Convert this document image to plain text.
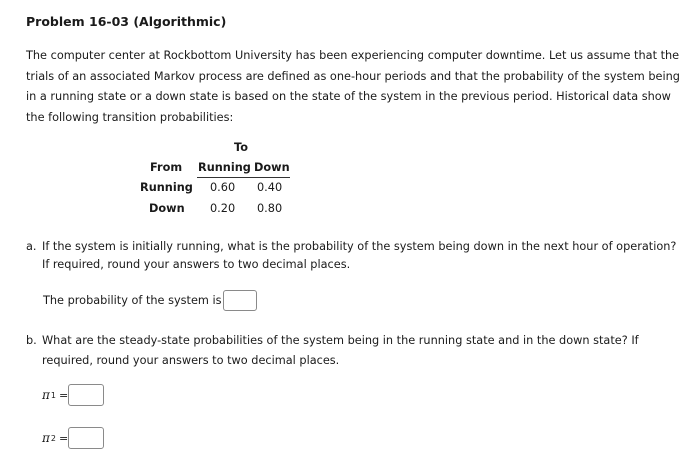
Problem 16-03 (Algorithmic)
The computer center at Rockbottom University has been experiencing computer downtime. Let us assume that the
trials of an associated Markov process are defined as one-hour periods and that the probability of the system being
in a running state or a down state is based on the state of the system in the previous period. Historical data show
the following transition probabilities:
To
From Running Down
Running 0.60 0.40
Down 0.20 0.80
a. If the system is initially running, what is the probability of the system being down in the next hour of operation?
If required, round your answers to two decimal places.
The probability of the system is
b. What are the steady-state probabilities of the system being in the running state and in the down state? If
required, round your answers to two decimal places.
π 1 =
π 2 =
